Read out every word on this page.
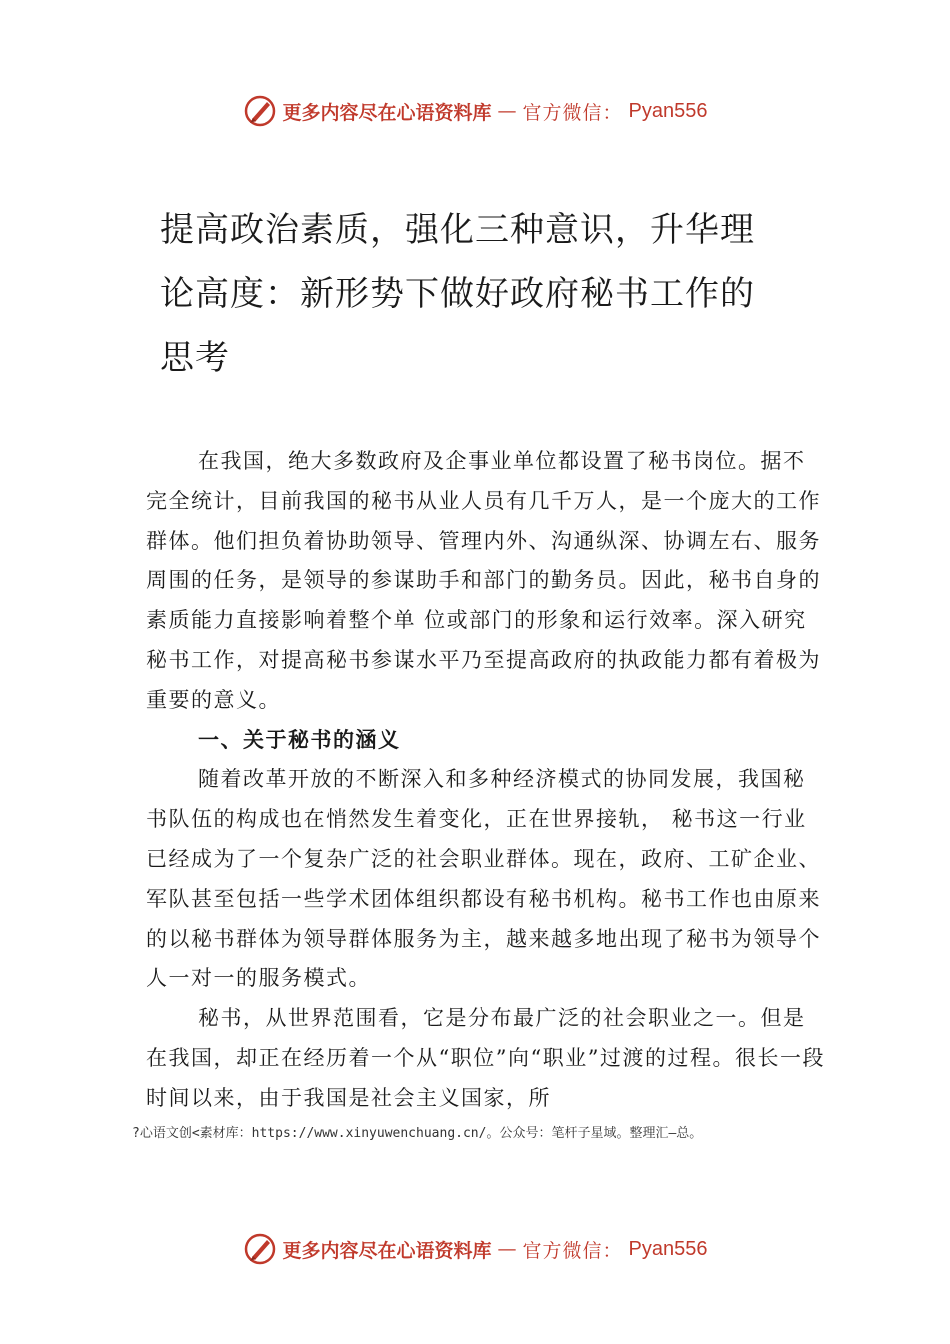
更多内容尽在心语资料库 — 官方微信： Pyan556
提高政治素质，强化三种意识，升华理论高度：新形势下做好政府秘书工作的思考

在我国，绝大多数政府及企事业单位都设置了秘书岗位。据不完全统计，目前我国的秘书从业人员有几千万人，是一个庞大的工作群体。他们担负着协助领导、管理内外、沟通纵深、协调左右、服务周围的任务，是领导的参谋助手和部门的勤务员。因此，秘书自身的素质能力直接影响着整个单 位或部门的形象和运行效率。深入研究秘书工作，对提高秘书参谋水平乃至提高政府的执政能力都有着极为重要的意义。

一、关于秘书的涵义

随着改革开放的不断深入和多种经济模式的协同发展，我国秘书队伍的构成也在悄然发生着变化，正在世界接轨， 秘书这一行业已经成为了一个复杂广泛的社会职业群体。现在，政府、工矿企业、军队甚至包括一些学术团体组织都设有秘书机构。秘书工作也由原来的以秘书群体为领导群体服务为主，越来越多地出现了秘书为领导个人一对一的服务模式。

秘书，从世界范围看，它是分布最广泛的社会职业之一。但是在我国，却正在经历着一个从“职位”向“职业”过渡的过程。很长一段时间以来，由于我国是社会主义国家，所

?心语文创<素材库：https://www.xinyuwenchuang.cn/。公众号：笔杆子星域。整理汇—总。
更多内容尽在心语资料库 — 官方微信： Pyan556
